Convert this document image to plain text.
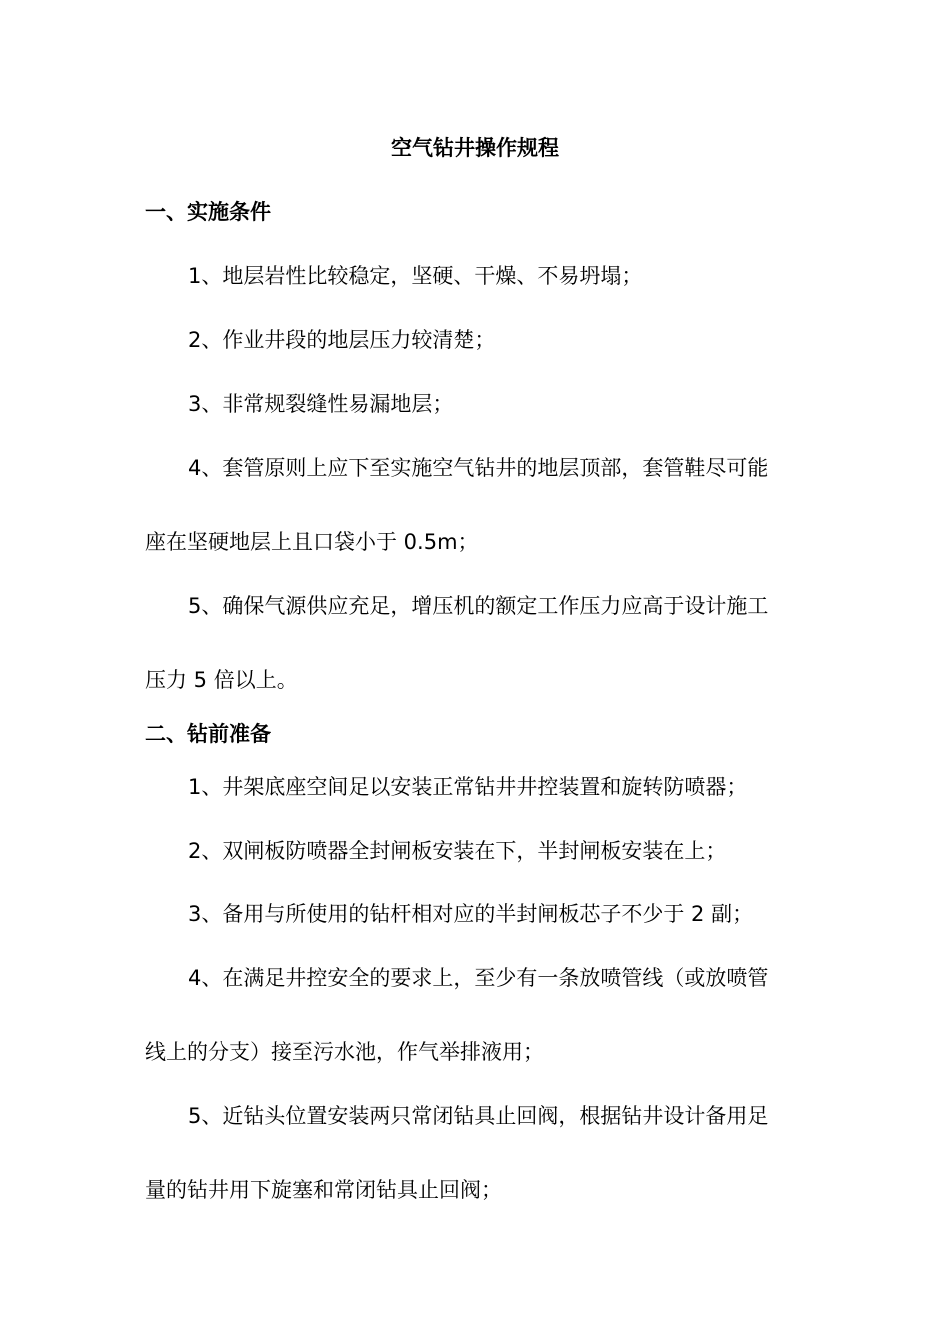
空气钻井操作规程
一、实施条件
1、地层岩性比较稳定，坚硬、干燥、不易坍塌；
2、作业井段的地层压力较清楚；
3、非常规裂缝性易漏地层；
4、套管原则上应下至实施空气钻井的地层顶部，套管鞋尽可能
座在坚硬地层上且口袋小于 0.5m；
5、确保气源供应充足，增压机的额定工作压力应高于设计施工
压力 5 倍以上。
二、钻前准备
1、井架底座空间足以安装正常钻井井控装置和旋转防喷器；
2、双闸板防喷器全封闸板安装在下，半封闸板安装在上；
3、备用与所使用的钻杆相对应的半封闸板芯子不少于 2 副；
4、在满足井控安全的要求上，至少有一条放喷管线（或放喷管
线上的分支）接至污水池，作气举排液用；
5、近钻头位置安装两只常闭钻具止回阀，根据钻井设计备用足
量的钻井用下旋塞和常闭钻具止回阀；
